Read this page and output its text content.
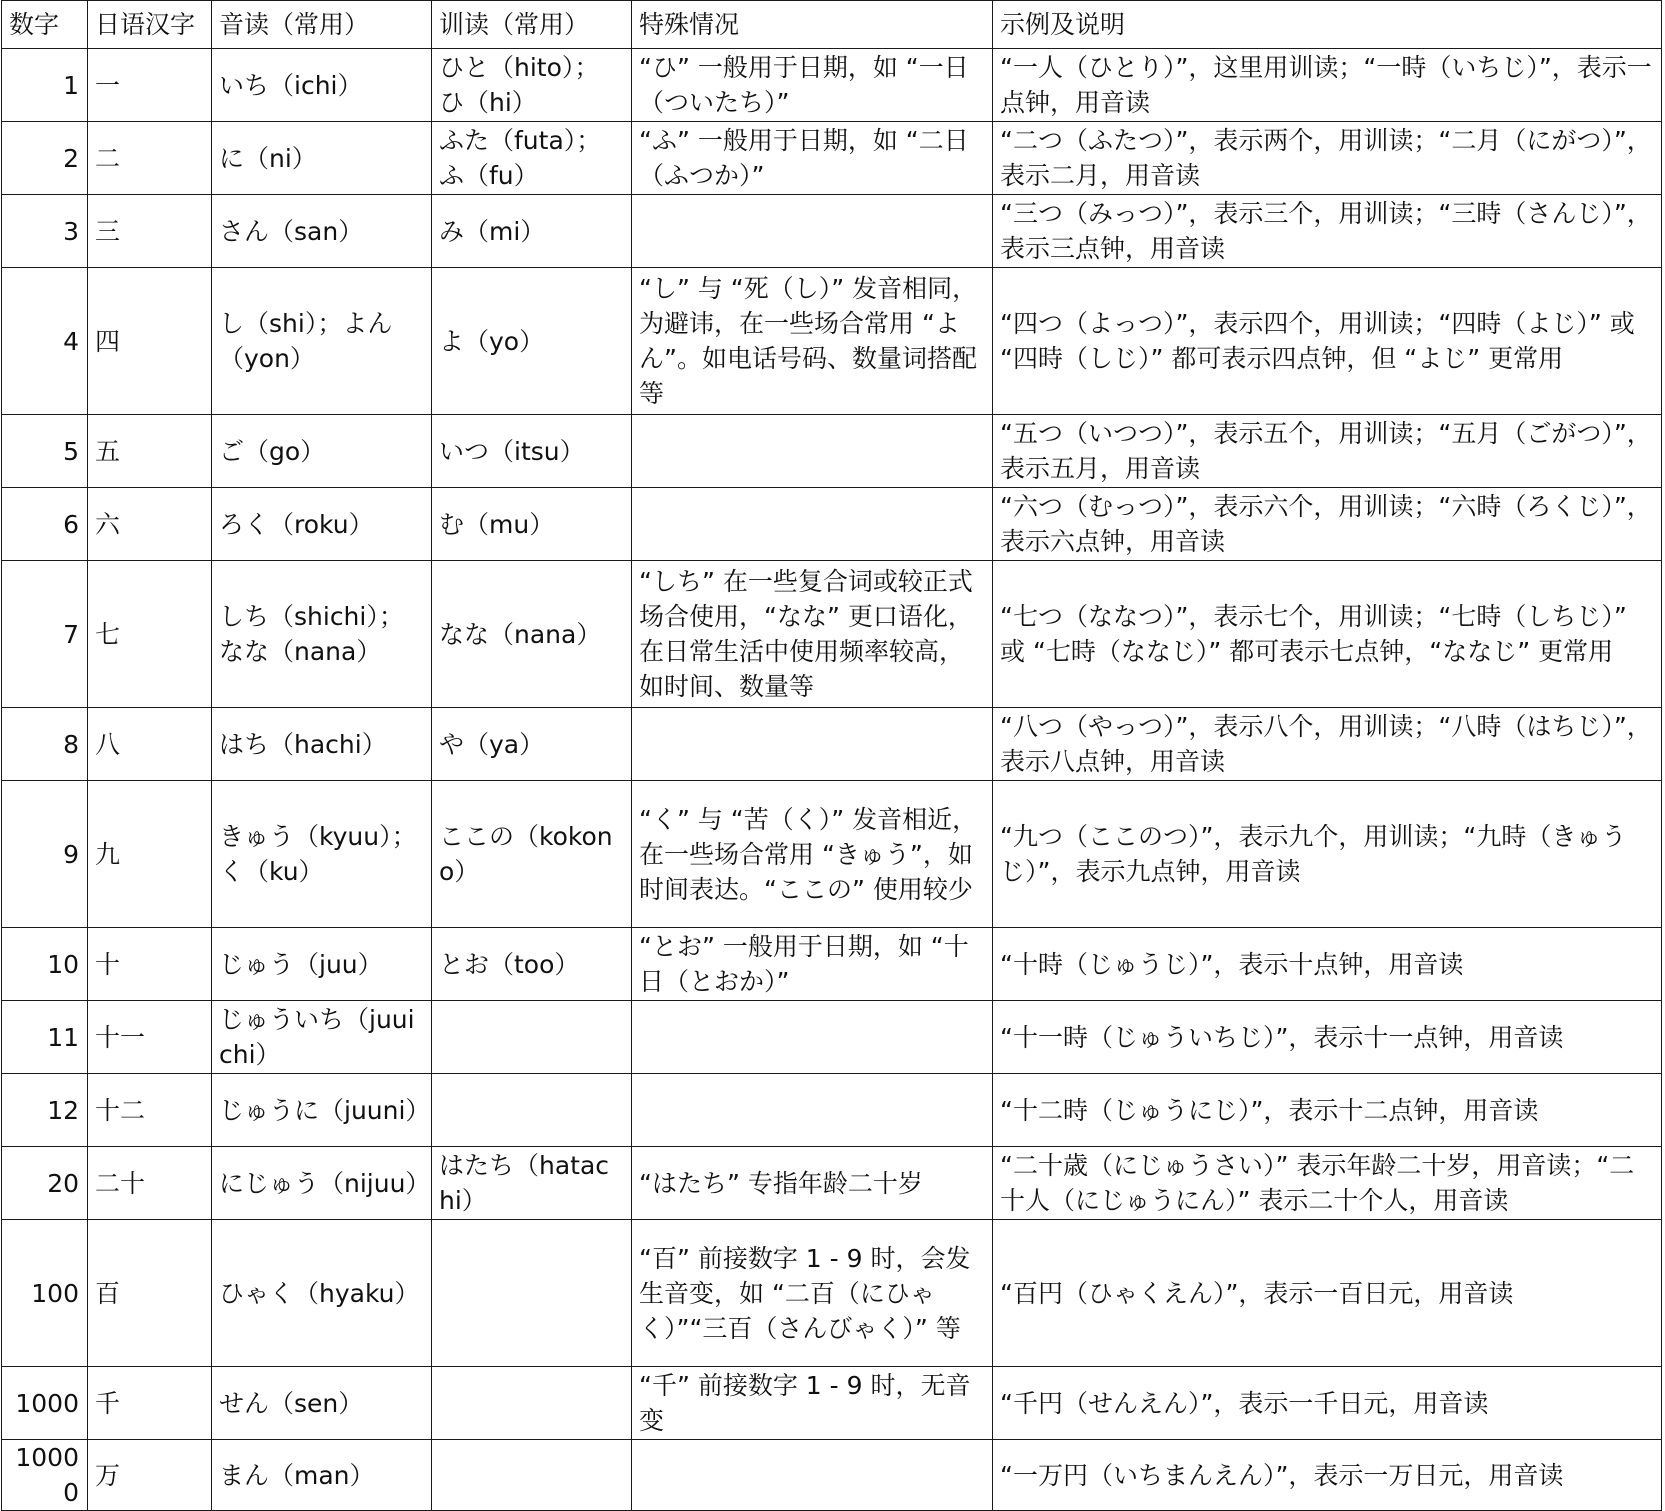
数字	日语汉字	音读（常用）	训读（常用）	特殊情况	示例及说明
1	一	いち（ichi）	ひと（hito）；ひ（hi）	“ひ” 一般用于日期，如 “一日（ついたち）”	“一人（ひとり）”，这里用训读；“一時（いちじ）”，表示一点钟，用音读
2	二	に（ni）	ふた（futa）；ふ（fu）	“ふ” 一般用于日期，如 “二日（ふつか）”	“二つ（ふたつ）”，表示两个，用训读；“二月（にがつ）”，表示二月，用音读
3	三	さん（san）	み（mi）		“三つ（みっつ）”，表示三个，用训读；“三時（さんじ）”，表示三点钟，用音读
4	四	し（shi）；よん（yon）	よ（yo）	“し” 与 “死（し）” 发音相同，为避讳，在一些场合常用 “よん”。如电话号码、数量词搭配等	“四つ（よっつ）”，表示四个，用训读；“四時（よじ）” 或 “四時（しじ）” 都可表示四点钟，但 “よじ” 更常用
5	五	ご（go）	いつ（itsu）		“五つ（いつつ）”，表示五个，用训读；“五月（ごがつ）”，表示五月，用音读
6	六	ろく（roku）	む（mu）		“六つ（むっつ）”，表示六个，用训读；“六時（ろくじ）”，表示六点钟，用音读
7	七	しち（shichi）；なな（nana）	なな（nana）	“しち” 在一些复合词或较正式场合使用，“なな” 更口语化，在日常生活中使用频率较高，如时间、数量等	“七つ（ななつ）”，表示七个，用训读；“七時（しちじ）” 或 “七時（ななじ）” 都可表示七点钟，“ななじ” 更常用
8	八	はち（hachi）	や（ya）		“八つ（やっつ）”，表示八个，用训读；“八時（はちじ）”，表示八点钟，用音读
9	九	きゅう（kyuu）；く（ku）	ここの（kokono）	“く” 与 “苦（く）” 发音相近，在一些场合常用 “きゅう”，如时间表达。“ここの” 使用较少	“九つ（ここのつ）”，表示九个，用训读；“九時（きゅうじ）”，表示九点钟，用音读
10	十	じゅう（juu）	とお（too）	“とお” 一般用于日期，如 “十日（とおか）”	“十時（じゅうじ）”，表示十点钟，用音读
11	十一	じゅういち（juuichi）			“十一時（じゅういちじ）”，表示十一点钟，用音读
12	十二	じゅうに（juuni）			“十二時（じゅうにじ）”，表示十二点钟，用音读
20	二十	にじゅう（nijuu）	はたち（hatachi）	“はたち” 专指年龄二十岁	“二十歳（にじゅうさい）” 表示年龄二十岁，用音读；“二十人（にじゅうにん）” 表示二十个人，用音读
100	百	ひゃく（hyaku）		“百” 前接数字 1 - 9 时，会发生音变，如 “二百（にひゃく）”“三百（さんびゃく）” 等	“百円（ひゃくえん）”，表示一百日元，用音读
1000	千	せん（sen）		“千” 前接数字 1 - 9 时，无音变	“千円（せんえん）”，表示一千日元，用音读
10000	万	まん（man）			“一万円（いちまんえん）”，表示一万日元，用音读
